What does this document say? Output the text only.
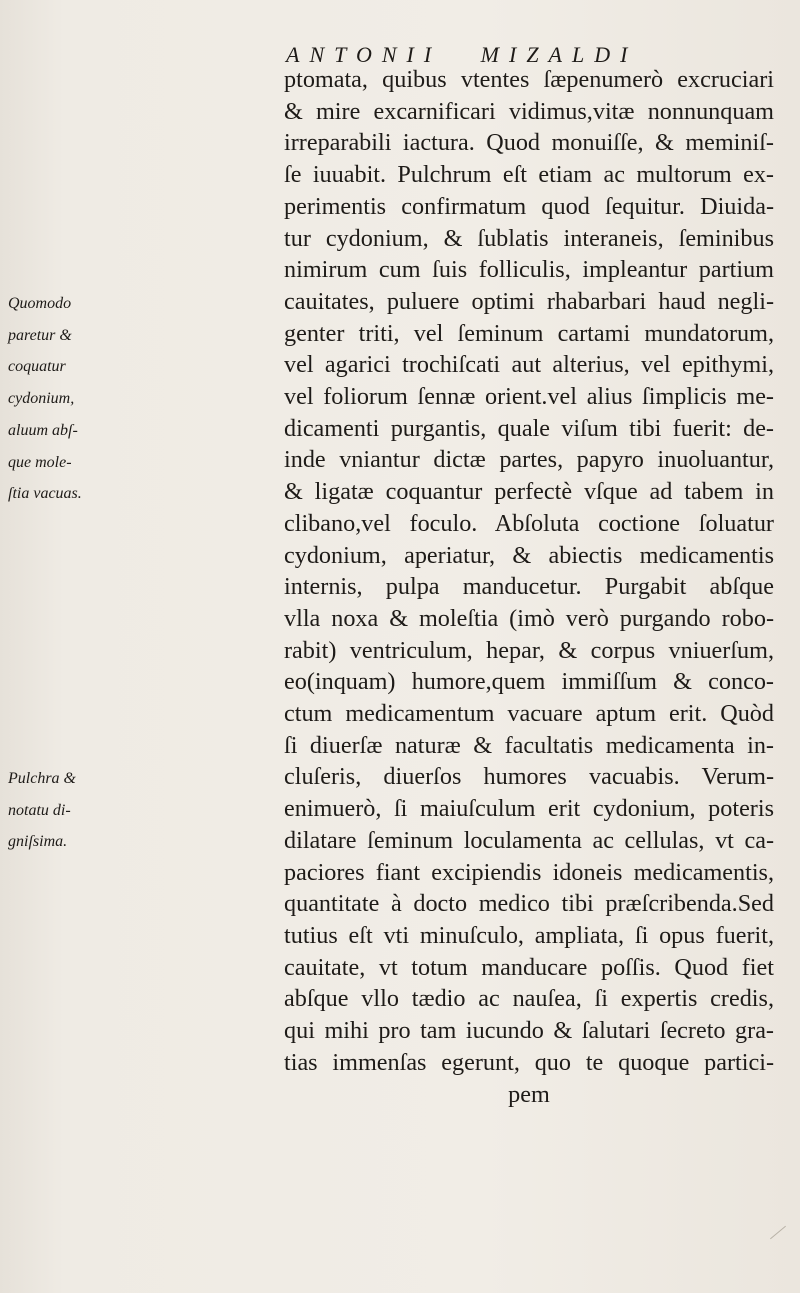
ANTONII MIZALDI
Quomodo
paretur &
coquatur
cydonium,
aluum abſ-
que mole-
ſtia vacuas.
Pulchra &
notatu di-
gniſsima.
ptomata, quibus vtentes ſæpenumerò excruciari
& mire excarnificari vidimus,vitæ nonnunquam
irreparabili iactura. Quod monuiſſe, & meminiſ-
ſe iuuabit. Pulchrum eſt etiam ac multorum ex-
perimentis confirmatum quod ſequitur. Diuida-
tur cydonium, & ſublatis interaneis, ſeminibus
nimirum cum ſuis folliculis, impleantur partium
cauitates, puluere optimi rhabarbari haud negli-
genter triti, vel ſeminum cartami mundatorum,
vel agarici trochiſcati aut alterius, vel epithymi,
vel foliorum ſennæ orient.vel alius ſimplicis me-
dicamenti purgantis, quale viſum tibi fuerit: de-
inde vniantur dictæ partes, papyro inuoluantur,
& ligatæ coquantur perfectè vſque ad tabem in
clibano,vel foculo. Abſoluta coctione ſoluatur
cydonium, aperiatur, & abiectis medicamentis
internis, pulpa manducetur. Purgabit abſque
vlla noxa & moleſtia (imò verò purgando robo-
rabit) ventriculum, hepar, & corpus vniuerſum,
eo(inquam) humore,quem immiſſum & conco-
ctum medicamentum vacuare aptum erit. Quòd
ſi diuerſæ naturæ & facultatis medicamenta in-
cluſeris, diuerſos humores vacuabis. Verum-
enimuerò, ſi maiuſculum erit cydonium, poteris
dilatare ſeminum loculamenta ac cellulas, vt ca-
paciores fiant excipiendis idoneis medicamentis,
quantitate à docto medico tibi præſcribenda.Sed
tutius eſt vti minuſculo, ampliata, ſi opus fuerit,
cauitate, vt totum manducare poſſis. Quod fiet
abſque vllo tædio ac nauſea, ſi expertis credis,
qui mihi pro tam iucundo & ſalutari ſecreto gra-
tias immenſas egerunt, quo te quoque partici-
pem
